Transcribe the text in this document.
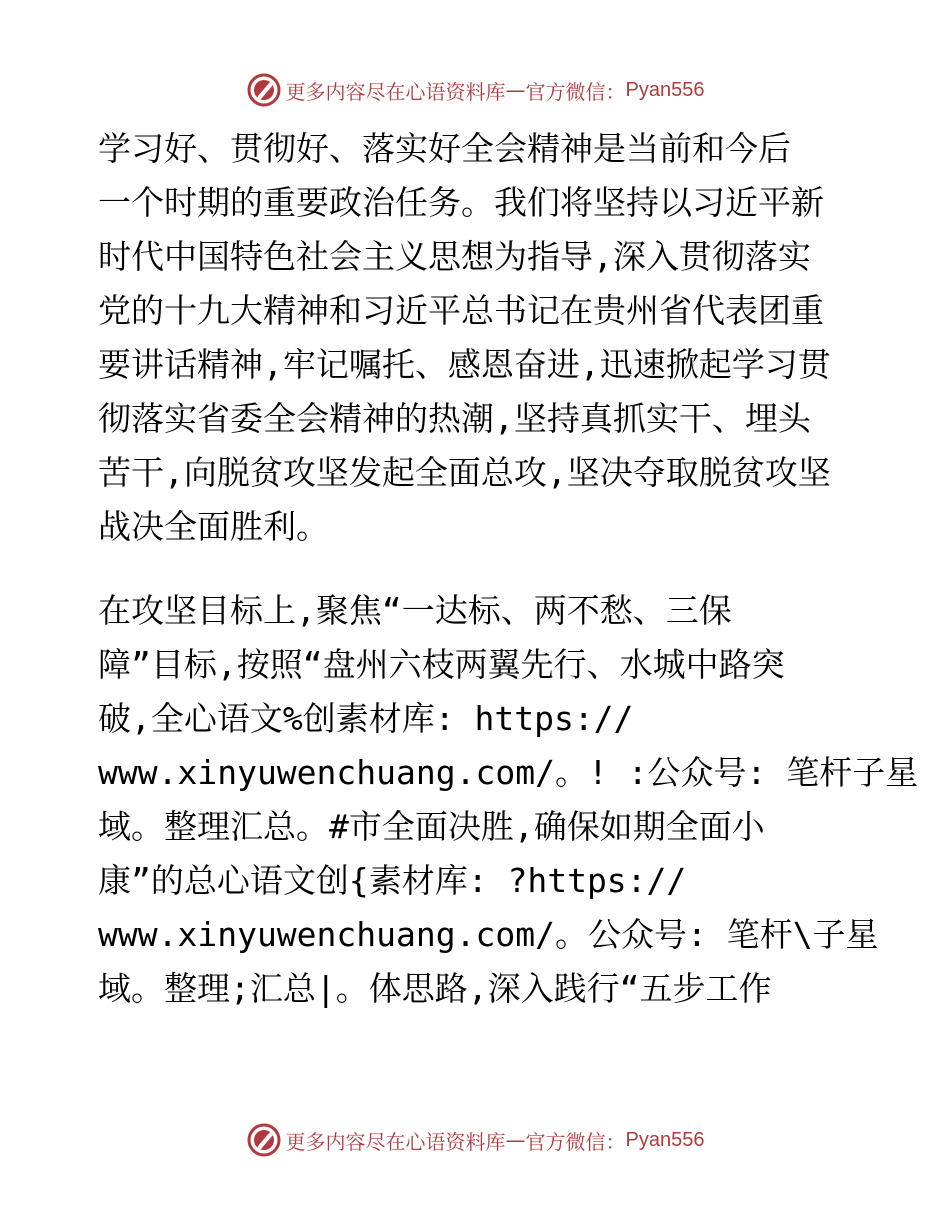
更多内容尽在心语资料库 — 官方微信： Pyan556
学习好、贯彻好、落实好全会精神是当前和今后
一个时期的重要政治任务。我们将坚持以习近平新
时代中国特色社会主义思想为指导,深入贯彻落实
党的十九大精神和习近平总书记在贵州省代表团重
要讲话精神,牢记嘱托、感恩奋进,迅速掀起学习贯
彻落实省委全会精神的热潮,坚持真抓实干、埋头
苦干,向脱贫攻坚发起全面总攻,坚决夺取脱贫攻坚
战决全面胜利。
在攻坚目标上,聚焦“一达标、两不愁、三保
障”目标,按照“盘州六枝两翼先行、水城中路突
破,全心语文%创素材库: https://
www.xinyuwenchuang.com/。! :公众号: 笔杆子星
域。整理汇总。#市全面决胜,确保如期全面小
康”的总心语文创{素材库: ?https://
www.xinyuwenchuang.com/。公众号: 笔杆\子星
域。整理;汇总|。体思路,深入践行“五步工作
更多内容尽在心语资料库 — 官方微信： Pyan556
